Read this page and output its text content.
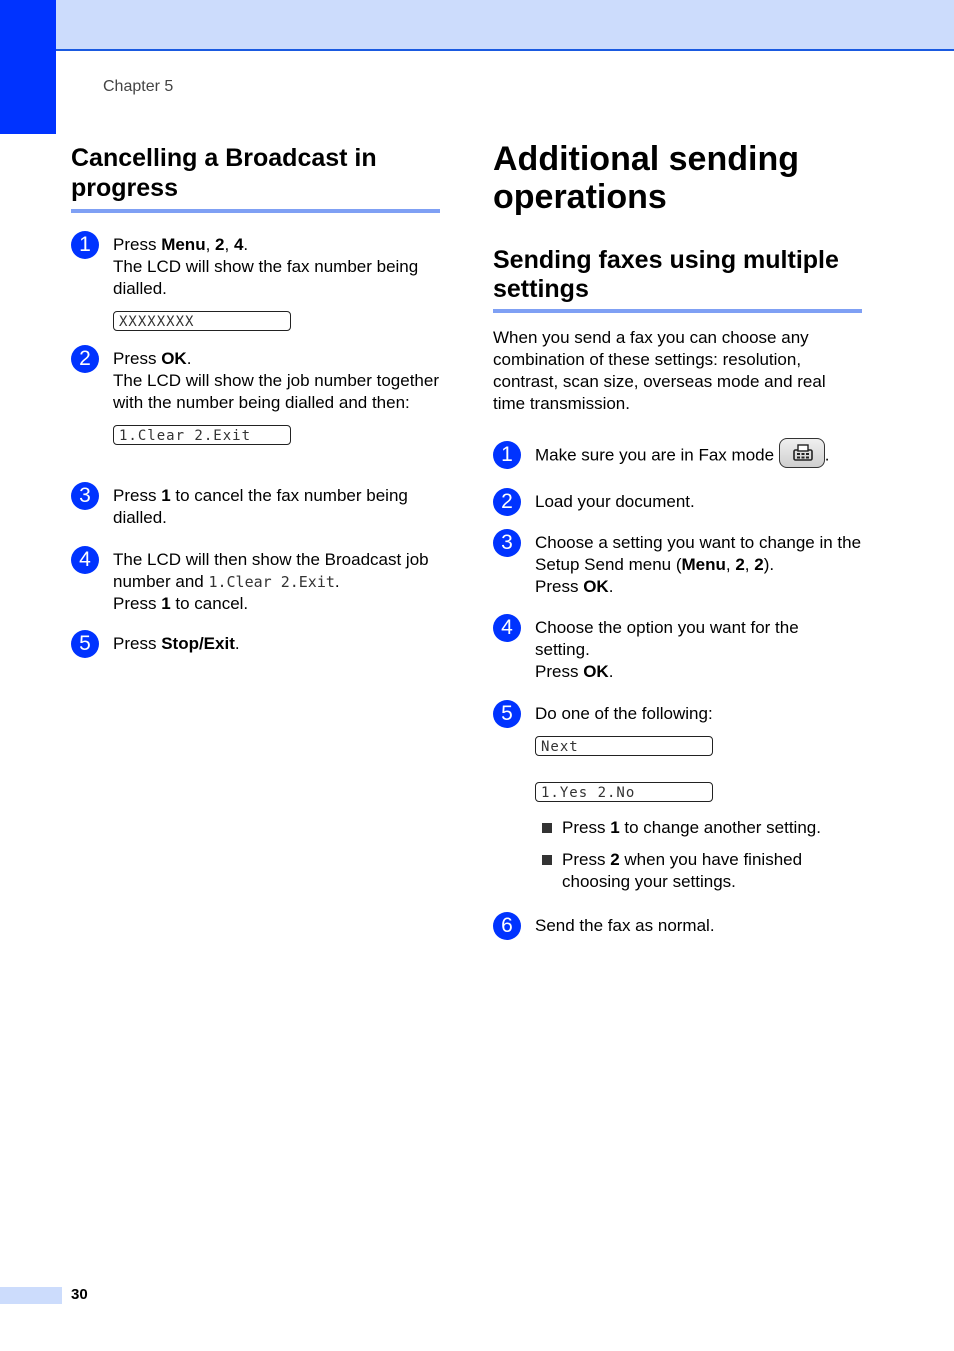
Chapter 5
Cancelling a Broadcast in progress
1	Press Menu, 2, 4.
The LCD will show the fax number being dialled.
XXXXXXXX
2	Press OK.

The LCD will show the job number together with the number being dialled and then:
1.Clear 2.Exit
3	Press 1 to cancel the fax number being dialled.
4	The LCD will then show the Broadcast job number and 1.Clear 2.Exit.
Press 1 to cancel.
5	Press Stop/Exit.
Additional sending operations
Sending faxes using multiple settings
When you send a fax you can choose any combination of these settings: resolution, contrast, scan size, overseas mode and real time transmission.
1	Make sure you are in Fax mode	.
2	Load your document.
3	Choose a setting you want to change in the Setup Send menu (Menu, 2, 2).
Press OK.
4	Choose the option you want for the setting.
Press OK.
5	Do one of the following:
Next
1.Yes 2.No
Press 1 to change another setting.
Press 2 when you have finished choosing your settings.
6	Send the fax as normal.
30
